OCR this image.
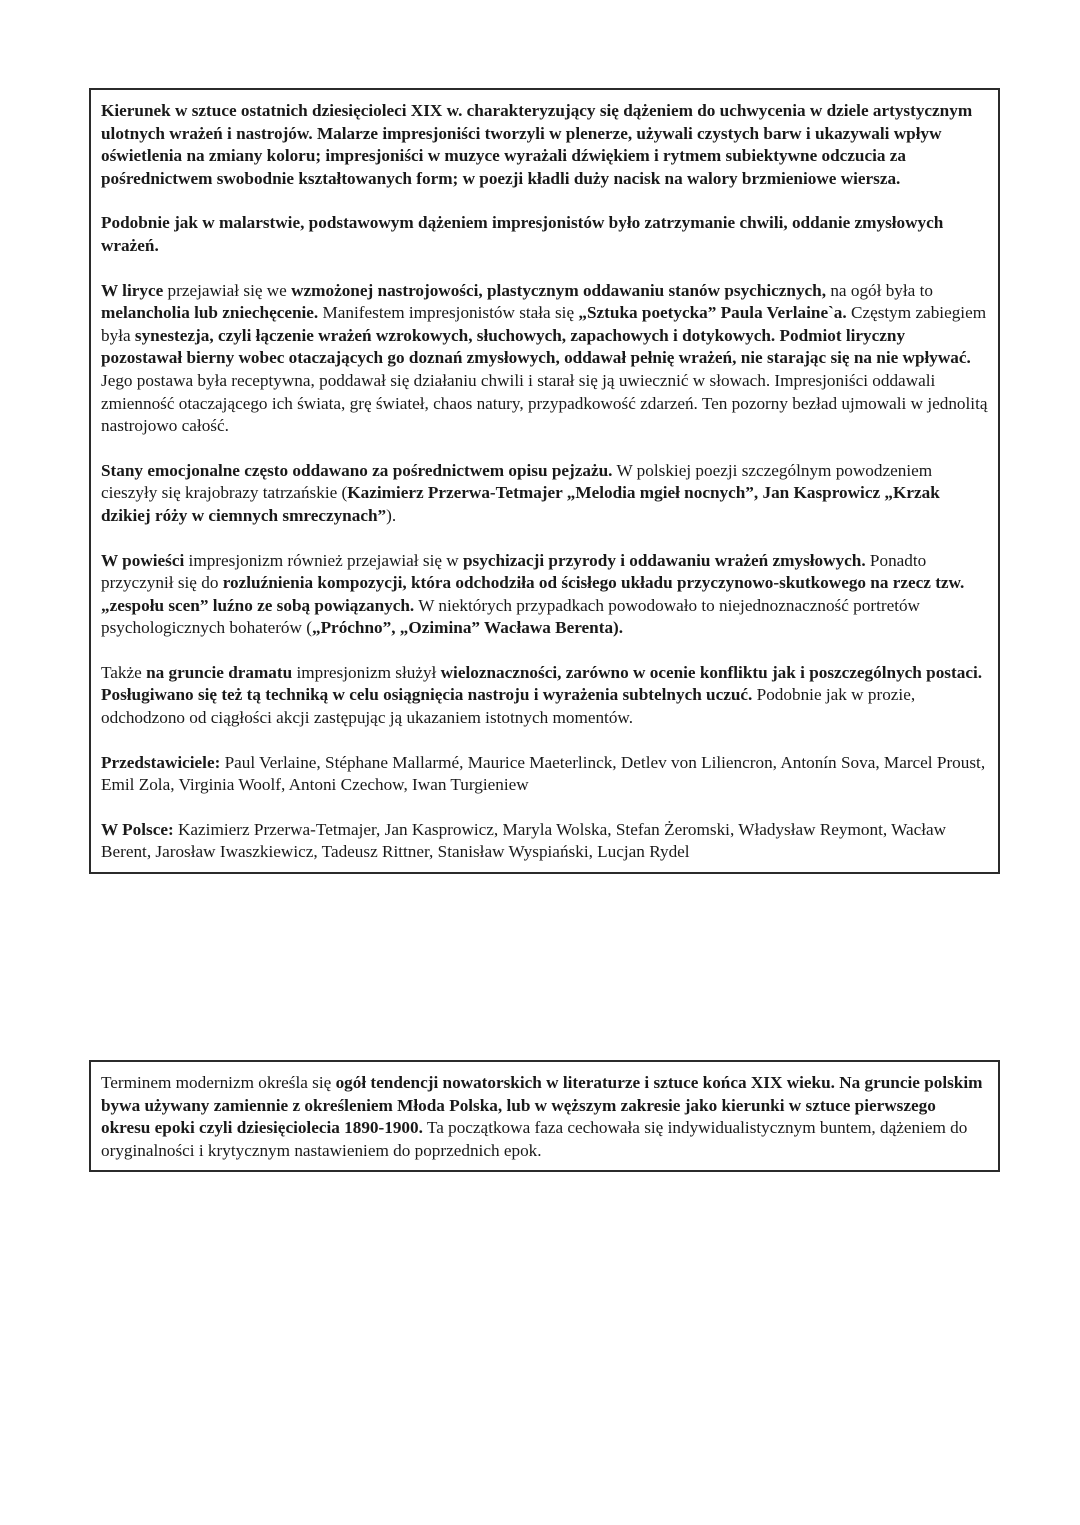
Kierunek w sztuce ostatnich dziesięcioleci XIX w. charakteryzujący się dążeniem do uchwycenia w dziele artystycznym ulotnych wrażeń i nastrojów. Malarze impresjoniści tworzyli w plenerze, używali czystych barw i ukazywali wpływ oświetlenia na zmiany koloru; impresjoniści w muzyce wyrażali dźwiękiem i rytmem subiektywne odczucia za pośrednictwem swobodnie kształtowanych form; w poezji kładli duży nacisk na walory brzmieniowe wiersza.

Podobnie jak w malarstwie, podstawowym dążeniem impresjonistów było zatrzymanie chwili, oddanie zmysłowych wrażeń.

W liryce przejawiał się we wzmożonej nastrojowości, plastycznym oddawaniu stanów psychicznych, na ogół była to melancholia lub zniechęcenie. Manifestem impresjonistów stała się „Sztuka poetycka” Paula Verlaine`a. Częstym zabiegiem była synestezja, czyli łączenie wrażeń wzrokowych, słuchowych, zapachowych i dotykowych. Podmiot liryczny pozostawał bierny wobec otaczających go doznań zmysłowych, oddawał pełnię wrażeń, nie starając się na nie wpływać. Jego postawa była receptywna, poddawał się działaniu chwili i starał się ją uwiecznić w słowach. Impresjoniści oddawali zmienność otaczającego ich świata, grę świateł, chaos natury, przypadkowość zdarzeń. Ten pozorny bezład ujmowali w jednolitą nastrojowo całość.

Stany emocjonalne często oddawano za pośrednictwem opisu pejzażu. W polskiej poezji szczególnym powodzeniem cieszyły się krajobrazy tatrzańskie (Kazimierz Przerwa-Tetmajer „Melodia mgieł nocnych”, Jan Kasprowicz „Krzak dzikiej róży w ciemnych smreczynach”).

W powieści impresjonizm również przejawiał się w psychizacji przyrody i oddawaniu wrażeń zmysłowych. Ponadto przyczynił się do rozluźnienia kompozycji, która odchodziła od ścisłego układu przyczynowo-skutkowego na rzecz tzw. „zespołu scen” luźno ze sobą powiązanych. W niektórych przypadkach powodowało to niejednoznaczność portretów psychologicznych bohaterów („Próchno”, „Ozimina” Wacława Berenta).

Także na gruncie dramatu impresjonizm służył wieloznaczności, zarówno w ocenie konfliktu jak i poszczególnych postaci. Posługiwano się też tą techniką w celu osiągnięcia nastroju i wyrażenia subtelnych uczuć. Podobnie jak w prozie, odchodzono od ciągłości akcji zastępując ją ukazaniem istotnych momentów.

Przedstawiciele: Paul Verlaine, Stéphane Mallarmé, Maurice Maeterlinck, Detlev von Liliencron, Antonín Sova, Marcel Proust, Emil Zola, Virginia Woolf, Antoni Czechow, Iwan Turgieniew

W Polsce: Kazimierz Przerwa-Tetmajer, Jan Kasprowicz, Maryla Wolska, Stefan Żeromski, Władysław Reymont, Wacław Berent, Jarosław Iwaszkiewicz, Tadeusz Rittner, Stanisław Wyspiański, Lucjan Rydel

Terminem modernizm określa się ogół tendencji nowatorskich w literaturze i sztuce końca XIX wieku. Na gruncie polskim bywa używany zamiennie z określeniem Młoda Polska, lub w węższym zakresie jako kierunki w sztuce pierwszego okresu epoki czyli dziesięciolecia 1890-1900. Ta początkowa faza cechowała się indywidualistycznym buntem, dążeniem do oryginalności i krytycznym nastawieniem do poprzednich epok.
